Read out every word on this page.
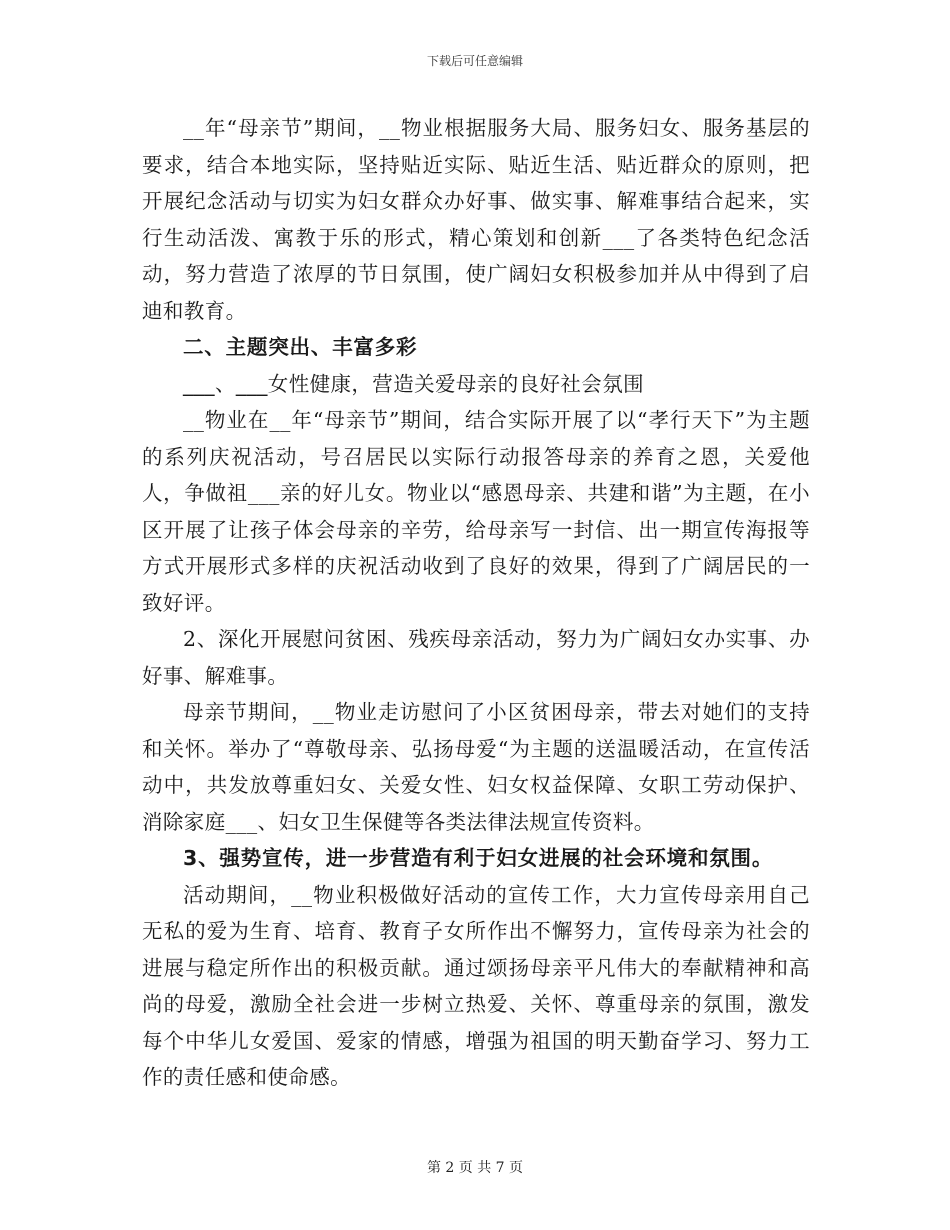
下载后可任意编辑

__年“母亲节”期间，__物业根据服务大局、服务妇女、服务基层的要求，结合本地实际，坚持贴近实际、贴近生活、贴近群众的原则，把开展纪念活动与切实为妇女群众办好事、做实事、解难事结合起来，实行生动活泼、寓教于乐的形式，精心策划和创新___了各类特色纪念活动，努力营造了浓厚的节日氛围，使广阔妇女积极参加并从中得到了启迪和教育。

二、主题突出、丰富多彩

___、___女性健康，营造关爱母亲的良好社会氛围

__物业在__年“母亲节”期间，结合实际开展了以“孝行天下”为主题的系列庆祝活动，号召居民以实际行动报答母亲的养育之恩，关爱他人，争做祖___亲的好儿女。物业以“感恩母亲、共建和谐”为主题，在小区开展了让孩子体会母亲的辛劳，给母亲写一封信、出一期宣传海报等方式开展形式多样的庆祝活动收到了良好的效果，得到了广阔居民的一致好评。

2、深化开展慰问贫困、残疾母亲活动，努力为广阔妇女办实事、办好事、解难事。

母亲节期间，__物业走访慰问了小区贫困母亲，带去对她们的支持和关怀。举办了“尊敬母亲、弘扬母爱“为主题的送温暖活动，在宣传活动中，共发放尊重妇女、关爱女性、妇女权益保障、女职工劳动保护、消除家庭___、妇女卫生保健等各类法律法规宣传资料。

3、强势宣传，进一步营造有利于妇女进展的社会环境和氛围。

活动期间，__物业积极做好活动的宣传工作，大力宣传母亲用自己无私的爱为生育、培育、教育子女所作出不懈努力，宣传母亲为社会的进展与稳定所作出的积极贡献。通过颂扬母亲平凡伟大的奉献精神和高尚的母爱，激励全社会进一步树立热爱、关怀、尊重母亲的氛围，激发每个中华儿女爱国、爱家的情感，增强为祖国的明天勤奋学习、努力工作的责任感和使命感。

第 2 页 共 7 页
